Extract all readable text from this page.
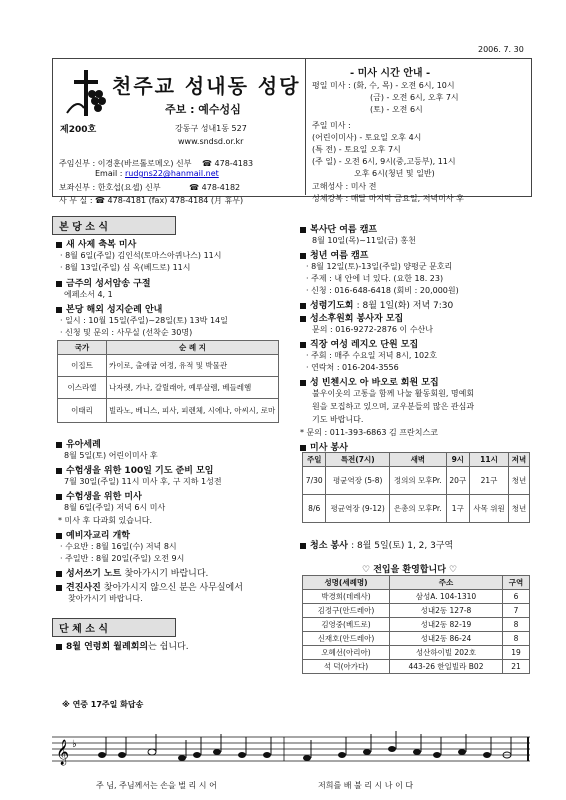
2006. 7. 30
천주교 성내동 성당
제200호
주보 : 예수성심
강동구 성내1동 527
www.sndsd.or.kr
주임신부 : 이경훈(바르톨로메오) 신부 ☎ 478-4183
Email : rudgns22@hanmail.net
보좌신부 : 한호섭(요셉) 신부	☎ 478-4182
사 무 실 : ☎ 478-4181 (fax) 478-4184 (月 휴무)
- 미사 시간 안내 -
평일 미사 : (화, 수, 목) - 오전 6시, 10시
(금) - 오전 6시, 오후 7시
(토) - 오전 6시
주일 미사 :
(어린이미사) - 토요일 오후 4시
(특 전) - 토요일 오후 7시
(주 일) - 오전 6시, 9시(중,고등부), 11시
오후 6시(청년 및 일반)
고해성사 : 미사 전
성체강복 : 매달 마지막 금요일, 저녁미사 후
본 당 소 식
새 사제 축복 미사
· 8월 6일(주일) 김인석(토마스아퀴나스) 11시
· 8월 13일(주일) 심 옥(베드로) 11시
금주의 성서암송 구절
에페소서 4, 1
본당 해외 성지순례 안내
· 일시 : 10월 15일(주일)~28일(토) 13박 14일
· 신청 및 문의 : 사무실 (선착순 30명)
국가	순 례 지
이집트	카이로, 출애굽 여정, 유적 및 박물관
이스라엘	나자렛, 가나, 갈릴래아, 예루살렘, 베들레헴
이태리	빌라노, 베니스, 피사, 피렌체, 시에나, 아씨시, 로마
유아세례
8월 5일(토) 어린이미사 후
수험생을 위한 100일 기도 준비 모임
7월 30일(주일) 11시 미사 후, 구 지하 1성전
수험생을 위한 미사
8월 6일(주일) 저녁 6시 미사
* 미사 후 다과회 있습니다.
예비자교리 개학
· 수요반 : 8월 16일(수) 저녁 8시
· 주일반 : 8월 20일(주일) 오전 9시
성서쓰기 노트 찾아가시기 바랍니다.
견진사진 찾아가시지 않으신 분은 사무실에서
찾아가시기 바랍니다.
단 체 소 식
8월 연령회 월례회의는 쉽니다.
복사단 여름 캠프
8월 10일(목)~11일(금) 홍천
청년 여름 캠프
· 8월 12일(토)-13일(주일) 양평군 문호리
· 주제 : 내 안에 너 있다. (요한 18. 23)
· 신청 : 016-648-6418 (회비 : 20,000원)
성령기도회 : 8월 1일(화) 저녁 7:30
성소후원회 봉사자 모집
문의 : 016-9272-2876 이 수산나
직장 여성 레지오 단원 모집
· 주회 : 매주 수요일 저녁 8시, 102호
· 연락처 : 016-204-3556
성 빈첸시오 아 바오로 회원 모집
불우이웃의 고통을 함께 나눌 활동회원, 명예회
원을 모집하고 있으며, 교우분들의 많은 관심과
기도 바랍니다.
* 문의 : 011-393-6863 김 프란치스코
미사 봉사
주일	특전(7시)	새벽	9시	11시	저녁
7/30	평균역장 (5-8)	정의의 모후Pr.	20구	21구	청년
8/6	평균역장 (9-12)	은총의 모후Pr.	1구	사목 위원	청년
청소 봉사 : 8월 5일(토) 1, 2, 3구역
♡ 전입을 환영합니다 ♡
성명(세례명)	주소	구역
박경희(데레사)	삼성A. 104-1310	6
김정구(안드레아)	성내2동 127-8	7
김영중(베드로)	성내2동 82-19	8
신재호(안드레아)	성내2동 86-24	8
오혜선(아리아)	성산하이빌 202호	19
석 덕(아가다)	443-26 한일빌라 B02	21
※ 연중 17주일 화답송
𝄞 ♭
주 님, 주님께서는 손을 벌 리 시 어	저희를 배 불 리 시 나 이 다
